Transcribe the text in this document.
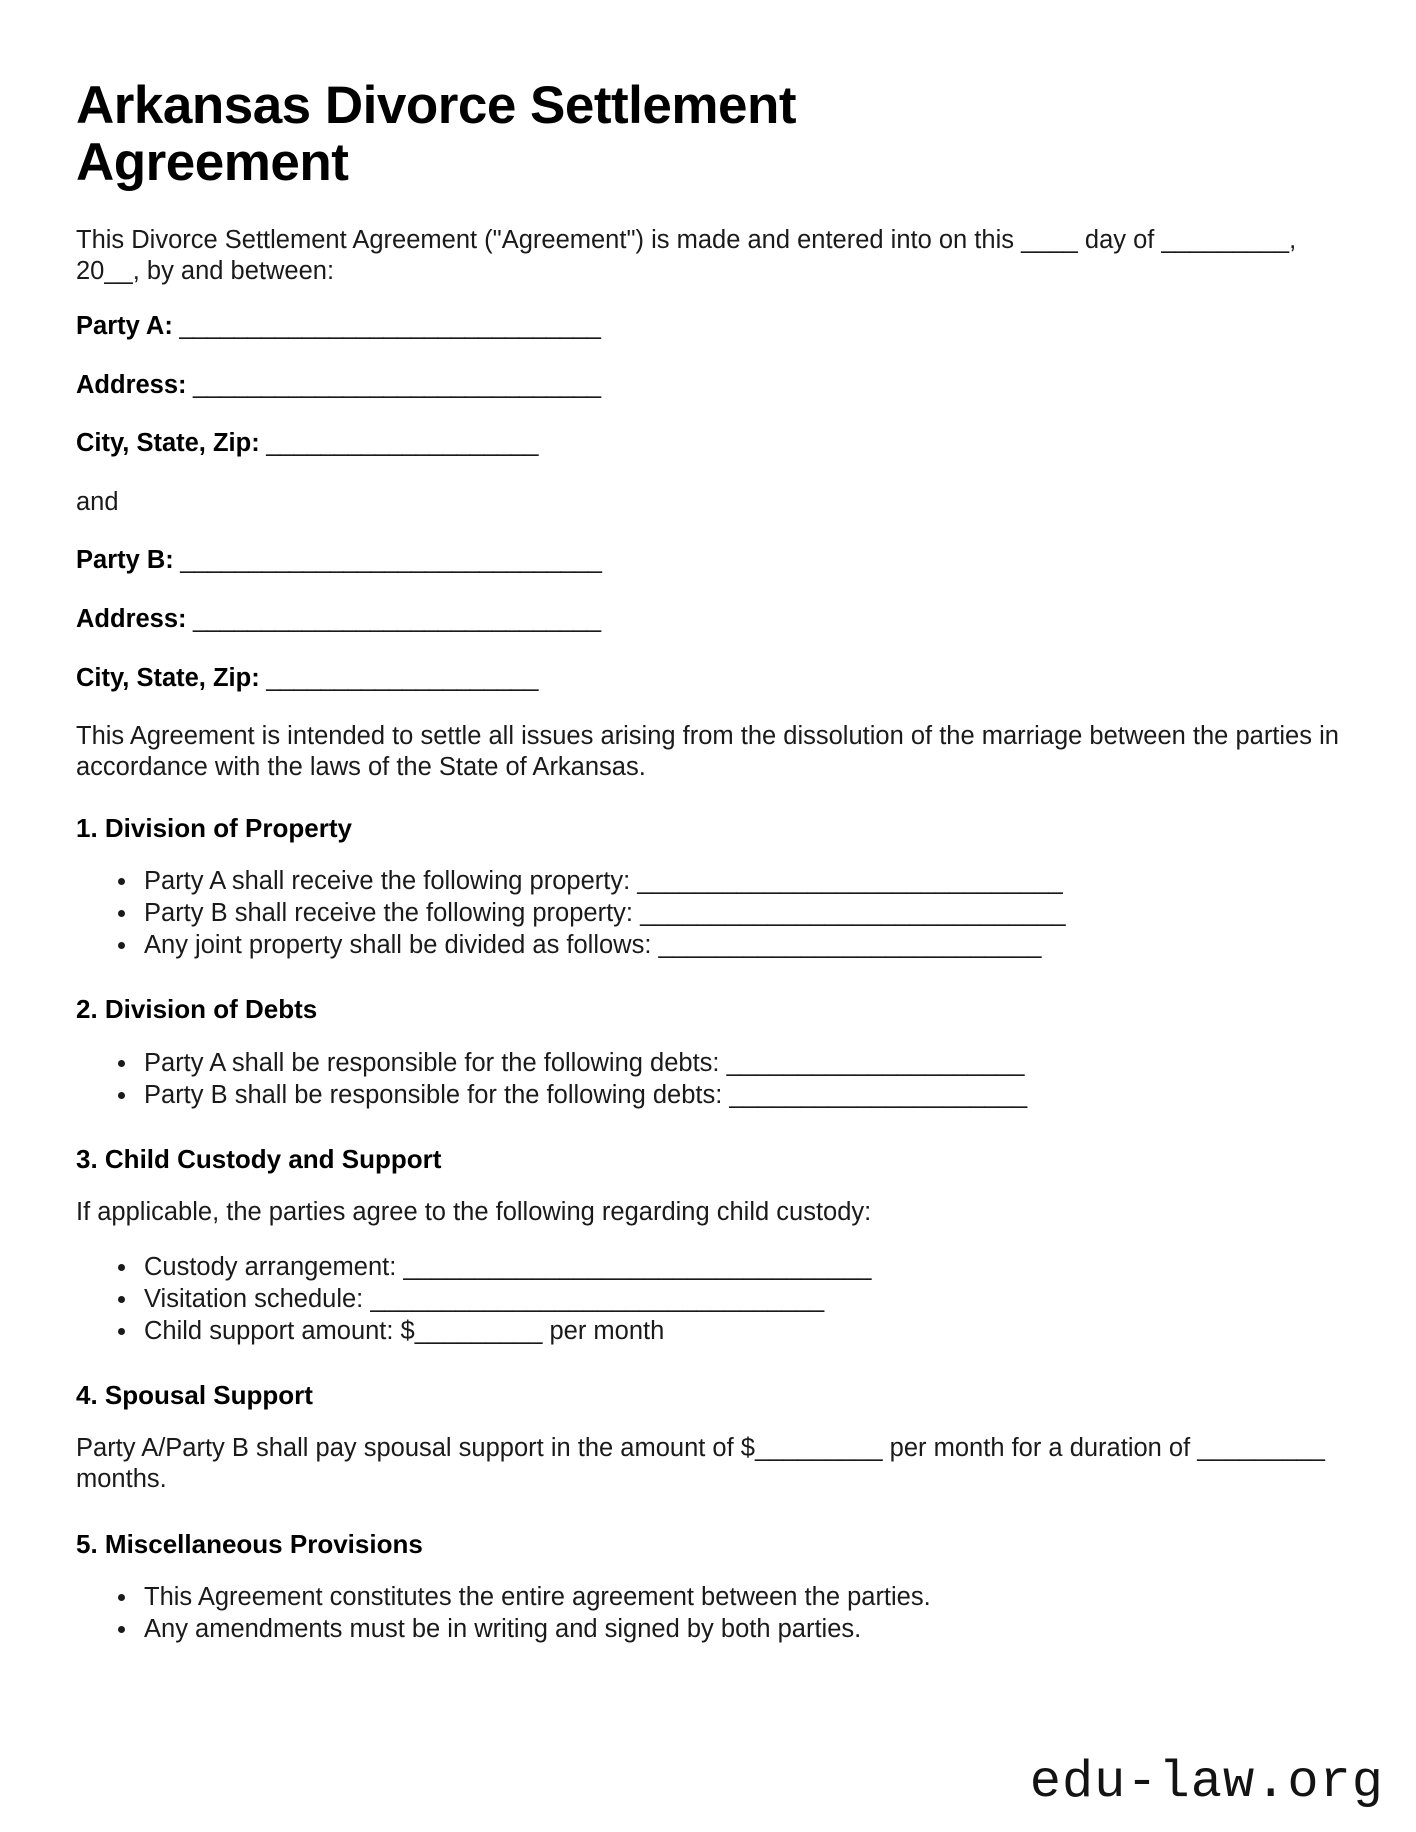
Arkansas Divorce Settlement Agreement

This Divorce Settlement Agreement ("Agreement") is made and entered into on this ____ day of _________, 20__, by and between:

Party A: _______________________________
Address: ______________________________
City, State, Zip: ____________________

and

Party B: _______________________________
Address: ______________________________
City, State, Zip: ____________________

This Agreement is intended to settle all issues arising from the dissolution of the marriage between the parties in accordance with the laws of the State of Arkansas.

1. Division of Property
Party A shall receive the following property: ______________________________
Party B shall receive the following property: ______________________________
Any joint property shall be divided as follows: ___________________________
2. Division of Debts
Party A shall be responsible for the following debts: _____________________
Party B shall be responsible for the following debts: _____________________
3. Child Custody and Support

If applicable, the parties agree to the following regarding child custody:

Custody arrangement: _________________________________
Visitation schedule: ________________________________
Child support amount: $_________ per month
4. Spousal Support

Party A/Party B shall pay spousal support in the amount of $_________ per month for a duration of _________ months.

5. Miscellaneous Provisions
This Agreement constitutes the entire agreement between the parties.
Any amendments must be in writing and signed by both parties.
edu-law.org
